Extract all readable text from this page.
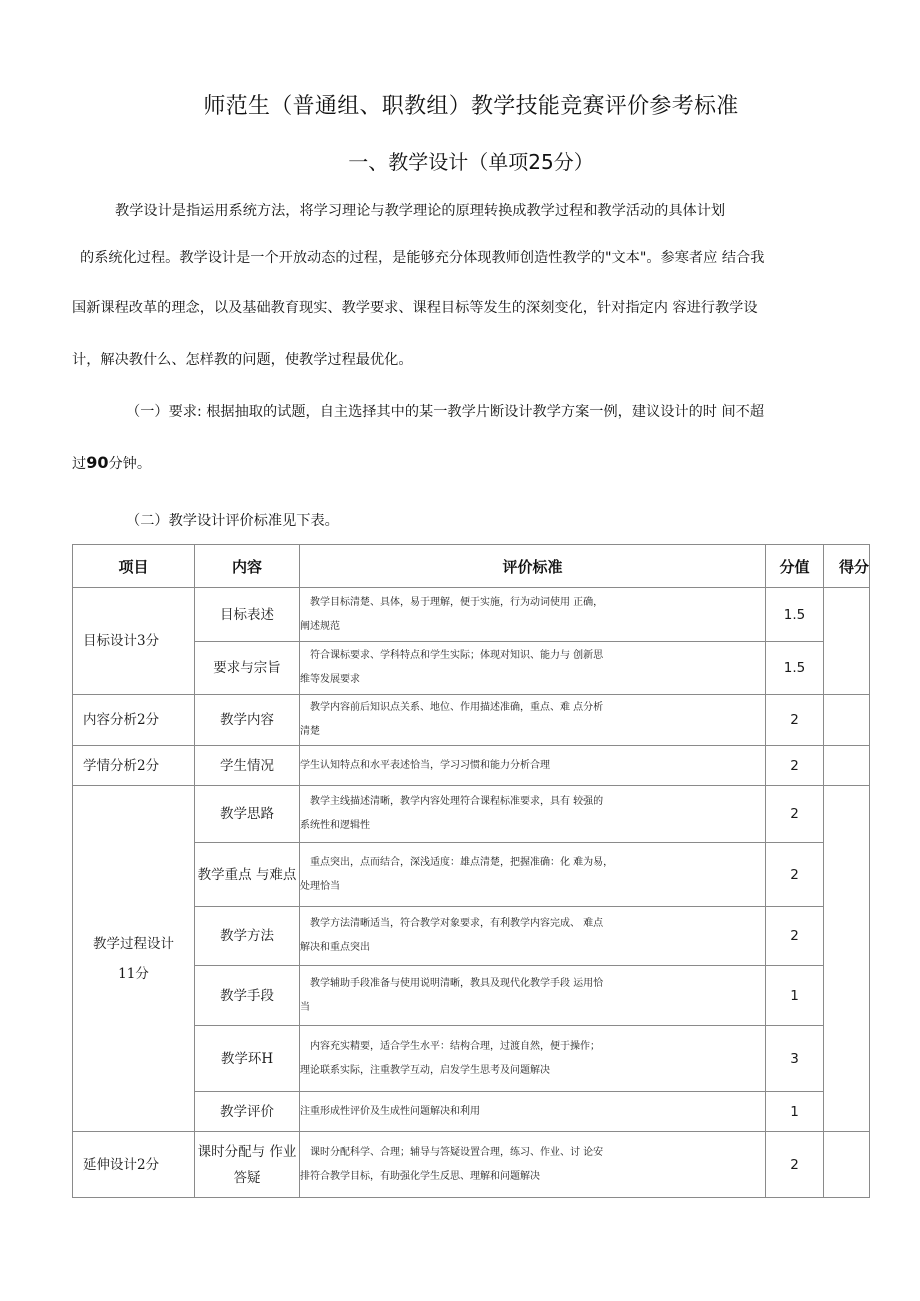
师范生（普通组、职教组）教学技能竞赛评价参考标准
一、教学设计（单项25分）
教学设计是指运用系统方法，将学习理论与教学理论的原理转换成教学过程和教学活动的具体计划
的系统化过程。教学设计是一个开放动态的过程，是能够充分体现教师创造性教学的"文本"。参寒者应 结合我
国新课程改革的理念，以及基础教育现实、教学要求、课程目标等发生的深刻变化，针对指定内 容进行教学设
计，解决教什么、怎样教的问题，使教学过程最优化。
（一）要求: 根据抽取的试题，自主选择其中的某一教学片断设计教学方案一例，建议设计的时 间不超
过90分钟。
（二）教学设计评价标准见下表。
项目	内容	评价标准	分值	得分
目标设计3分	目标表述	教学目标清楚、具体，易于理解，便于实施，行为动词使用 正确，
阐述规范	1.5	
	要求与宗旨	符合课标要求、学科特点和学生实际；体现对知识、能力与 创新思
维等发展要求	1.5	
内容分析2分	教学内容	教学内容前后知识点关系、地位、作用描述准确，重点、难 点分析
清楚	2	
学情分析2分	学生情况	学生认知特点和水平表述恰当，学习习惯和能力分析合理	2	
教学过程设计11分	教学思路	教学主线描述清晰，教学内容处理符合课程标准要求，具有 较强的
系统性和逻辑性	2	
	教学重点 与难点	重点突出，点而结合，深浅适度：雄点清楚，把握准确：化 难为易，
处理恰当	2	
	教学方法	教学方法清晰适当，符合教学对象要求，有利教学内容完成、 难点
解决和重点突出	2	
	教学手段	教学辅助手段准备与使用说明清晰，教具及现代化教学手段 运用恰
当	1	
	教学环H	内容充实精要，适合学生水平：结构合理，过渡自然，便于操作；
理论联系实际，注重教学互动，启发学生思考及问题解决	3	
	教学评价	注重形成性评价及生成性问题解决和利用	1	
延伸设计2分	课时分配与 作业答疑	课时分配科学、合理；辅导与答疑设置合理，练习、作业、讨 论安
排符合教学目标，有助强化学生反思、理解和问题解决	2	
